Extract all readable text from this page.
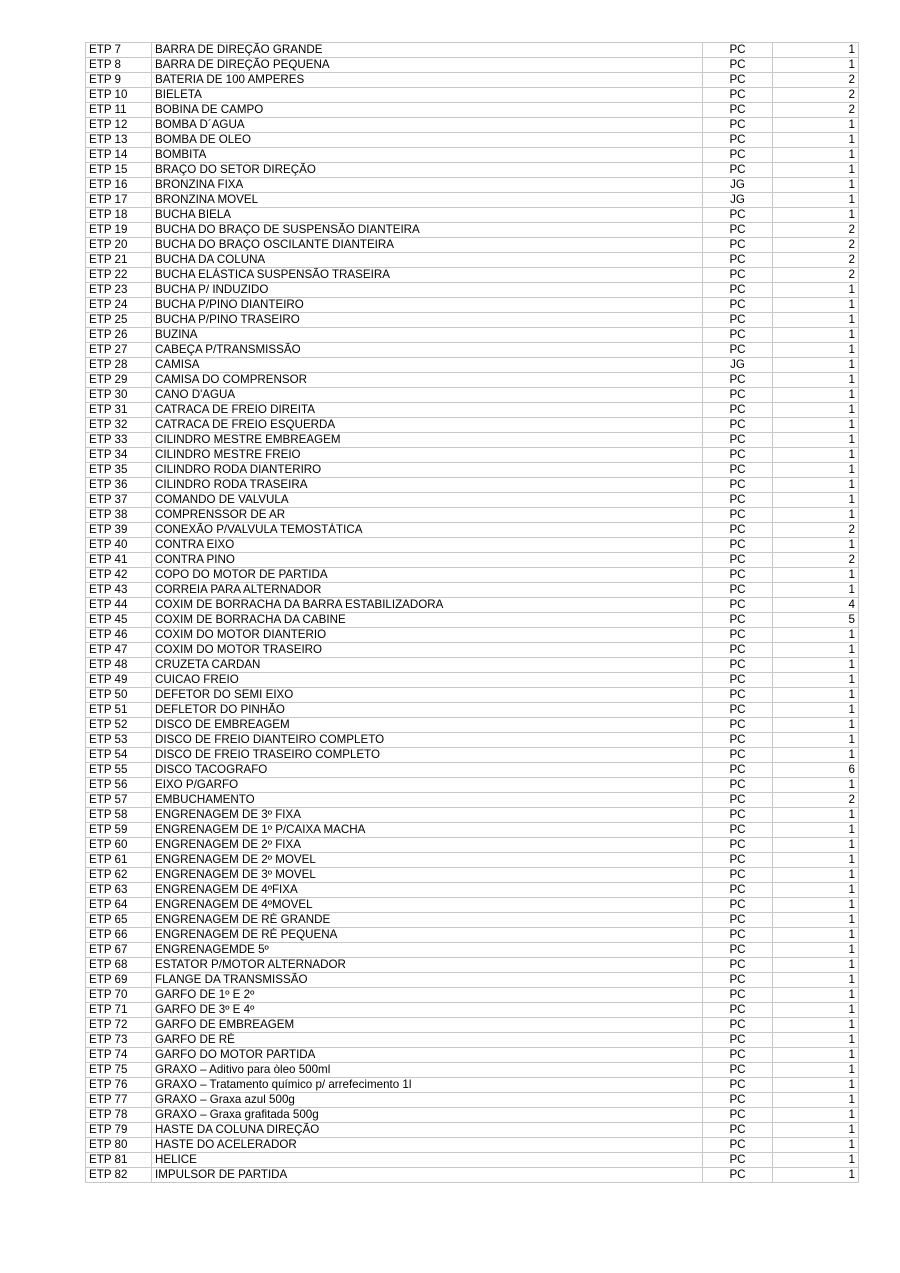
ETP 7	BARRA DE DIREÇÃO GRANDE	PC	1
ETP 8	BARRA DE DIREÇÃO PEQUENA	PC	1
ETP 9	BATERIA DE 100 AMPERES	PC	2
ETP 10	BIELETA	PC	2
ETP 11	BOBINA DE CAMPO	PC	2
ETP 12	BOMBA D´AGUA	PC	1
ETP 13	BOMBA DE OLEO	PC	1
ETP 14	BOMBITA	PC	1
ETP 15	BRAÇO DO SETOR DIREÇÃO	PC	1
ETP 16	BRONZINA FIXA	JG	1
ETP 17	BRONZINA MOVEL	JG	1
ETP 18	BUCHA BIELA	PC	1
ETP 19	BUCHA DO BRAÇO DE SUSPENSÃO DIANTEIRA	PC	2
ETP 20	BUCHA DO BRAÇO OSCILANTE DIANTEIRA	PC	2
ETP 21	BUCHA DA COLUNA	PC	2
ETP 22	BUCHA ELÁSTICA SUSPENSÃO TRASEIRA	PC	2
ETP 23	BUCHA P/ INDUZIDO	PC	1
ETP 24	BUCHA P/PINO DIANTEIRO	PC	1
ETP 25	BUCHA P/PINO TRASEIRO	PC	1
ETP 26	BUZINA	PC	1
ETP 27	CABEÇA P/TRANSMISSÃO	PC	1
ETP 28	CAMISA	JG	1
ETP 29	CAMISA DO COMPRENSOR	PC	1
ETP 30	CANO D'AGUA	PC	1
ETP 31	CATRACA DE FREIO DIREITA	PC	1
ETP 32	CATRACA DE FREIO ESQUERDA	PC	1
ETP 33	CILINDRO MESTRE EMBREAGEM	PC	1
ETP 34	CILINDRO MESTRE FREIO	PC	1
ETP 35	CILINDRO RODA DIANTERIRO	PC	1
ETP 36	CILINDRO RODA TRASEIRA	PC	1
ETP 37	COMANDO DE VALVULA	PC	1
ETP 38	COMPRENSSOR DE AR	PC	1
ETP 39	CONEXÃO P/VALVULA TEMOSTÁTICA	PC	2
ETP 40	CONTRA EIXO	PC	1
ETP 41	CONTRA PINO	PC	2
ETP 42	COPO DO MOTOR DE PARTIDA	PC	1
ETP 43	CORREIA PARA ALTERNADOR	PC	1
ETP 44	COXIM DE BORRACHA DA BARRA ESTABILIZADORA	PC	4
ETP 45	COXIM DE BORRACHA DA CABINE	PC	5
ETP 46	COXIM DO MOTOR DIANTERIO	PC	1
ETP 47	COXIM DO MOTOR TRASEIRO	PC	1
ETP 48	CRUZETA CARDAN	PC	1
ETP 49	CUICAO FREIO	PC	1
ETP 50	DEFETOR DO SEMI EIXO	PC	1
ETP 51	DEFLETOR DO PINHÃO	PC	1
ETP 52	DISCO DE EMBREAGEM	PC	1
ETP 53	DISCO DE FREIO DIANTEIRO COMPLETO	PC	1
ETP 54	DISCO DE FREIO TRASEIRO COMPLETO	PC	1
ETP 55	DISCO TACOGRAFO	PC	6
ETP 56	EIXO P/GARFO	PC	1
ETP 57	EMBUCHAMENTO	PC	2
ETP 58	ENGRENAGEM DE 3º FIXA	PC	1
ETP 59	ENGRENAGEM DE 1º P/CAIXA MACHA	PC	1
ETP 60	ENGRENAGEM DE 2º FIXA	PC	1
ETP 61	ENGRENAGEM DE 2º MOVEL	PC	1
ETP 62	ENGRENAGEM DE 3º MOVEL	PC	1
ETP 63	ENGRENAGEM DE 4ºFIXA	PC	1
ETP 64	ENGRENAGEM DE 4ºMOVEL	PC	1
ETP 65	ENGRENAGEM DE RÉ GRANDE	PC	1
ETP 66	ENGRENAGEM DE RÉ PEQUENA	PC	1
ETP 67	ENGRENAGEMDE 5º	PC	1
ETP 68	ESTATOR P/MOTOR ALTERNADOR	PC	1
ETP 69	FLANGE DA TRANSMISSÃO	PC	1
ETP 70	GARFO DE 1º E 2º	PC	1
ETP 71	GARFO DE 3º E 4º	PC	1
ETP 72	GARFO DE EMBREAGEM	PC	1
ETP 73	GARFO DE RÉ	PC	1
ETP 74	GARFO DO MOTOR PARTIDA	PC	1
ETP 75	GRAXO – Aditivo para òleo 500ml	PC	1
ETP 76	GRAXO – Tratamento químico p/ arrefecimento 1l	PC	1
ETP 77	GRAXO – Graxa azul 500g	PC	1
ETP 78	GRAXO – Graxa grafitada 500g	PC	1
ETP 79	HASTE DA COLUNA DIREÇÃO	PC	1
ETP 80	HASTE DO ACELERADOR	PC	1
ETP 81	HELICE	PC	1
ETP 82	IMPULSOR DE PARTIDA	PC	1
